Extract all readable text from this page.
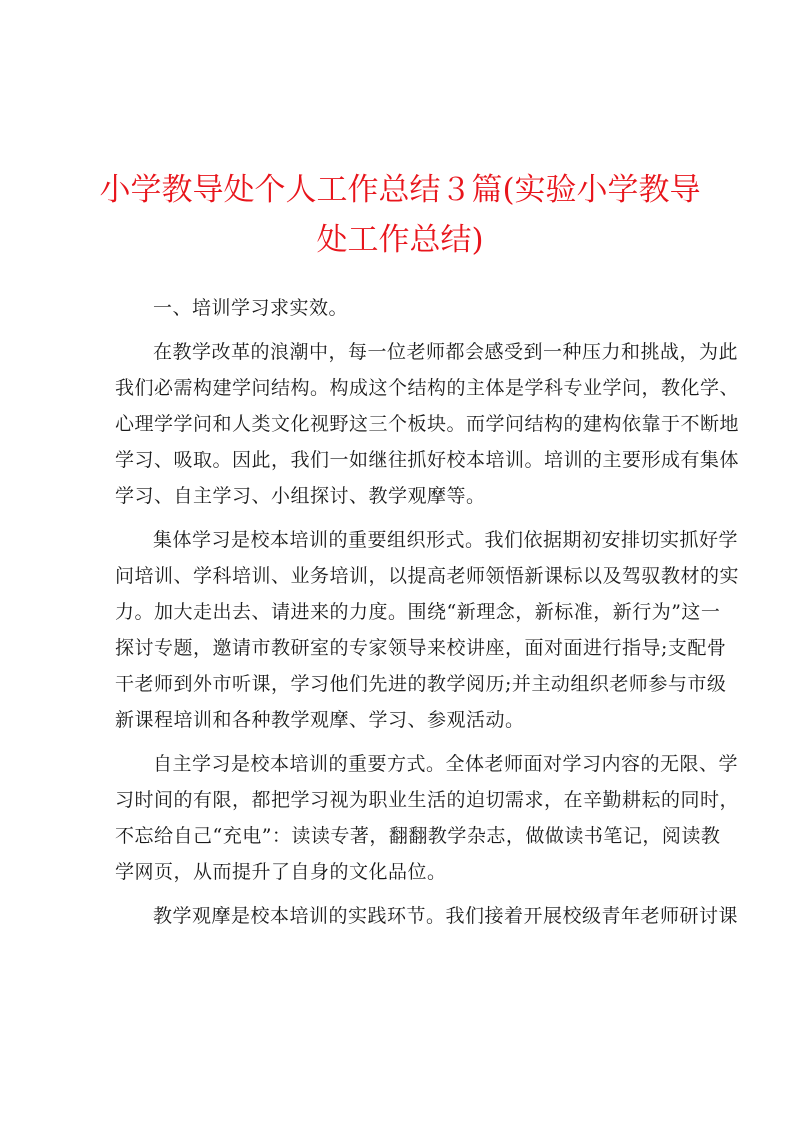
小学教导处个人工作总结３篇(实验小学教导
处工作总结)
一、培训学习求实效。
在教学改革的浪潮中，每一位老师都会感受到一种压力和挑战，为此
我们必需构建学问结构。构成这个结构的主体是学科专业学问，教化学、
心理学学问和人类文化视野这三个板块。而学问结构的建构依靠于不断地
学习、吸取。因此，我们一如继往抓好校本培训。培训的主要形成有集体
学习、自主学习、小组探讨、教学观摩等。
集体学习是校本培训的重要组织形式。我们依据期初安排切实抓好学
问培训、学科培训、业务培训，以提高老师领悟新课标以及驾驭教材的实
力。加大走出去、请进来的力度。围绕“新理念，新标准，新行为”这一
探讨专题，邀请市教研室的专家领导来校讲座，面对面进行指导;支配骨
干老师到外市听课，学习他们先进的教学阅历;并主动组织老师参与市级
新课程培训和各种教学观摩、学习、参观活动。
自主学习是校本培训的重要方式。全体老师面对学习内容的无限、学
习时间的有限，都把学习视为职业生活的迫切需求，在辛勤耕耘的同时，
不忘给自己“充电”：读读专著，翻翻教学杂志，做做读书笔记，阅读教
学网页，从而提升了自身的文化品位。
教学观摩是校本培训的实践环节。我们接着开展校级青年老师研讨课
